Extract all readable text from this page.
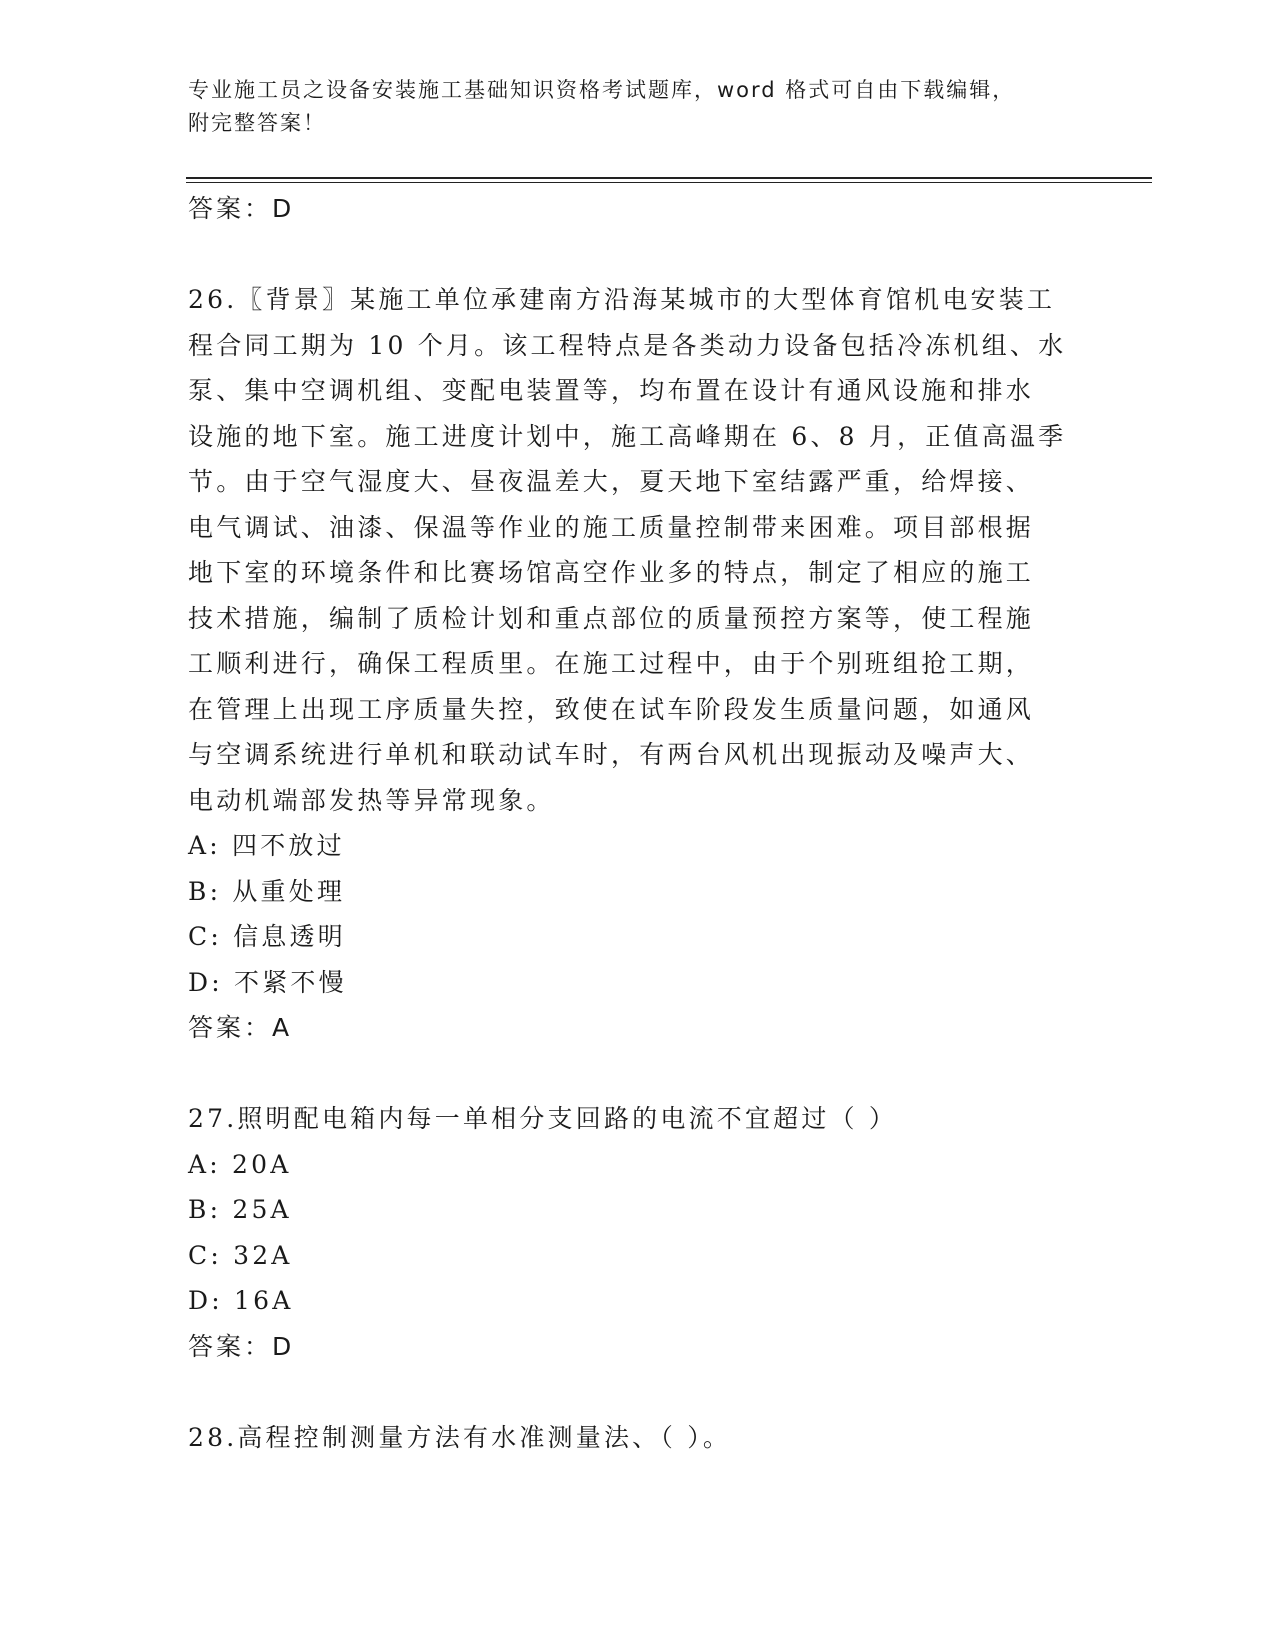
专业施工员之设备安装施工基础知识资格考试题库，word 格式可自由下载编辑，
附完整答案！

答案：D

26.〖背景〗某施工单位承建南方沿海某城市的大型体育馆机电安装工

程合同工期为 10 个月。该工程特点是各类动力设备包括冷冻机组、水

泵、集中空调机组、变配电装置等，均布置在设计有通风设施和排水

设施的地下室。施工进度计划中，施工高峰期在 6、8 月，正值高温季

节。由于空气湿度大、昼夜温差大，夏天地下室结露严重，给焊接、

电气调试、油漆、保温等作业的施工质量控制带来困难。项目部根据

地下室的环境条件和比赛场馆高空作业多的特点，制定了相应的施工

技术措施，编制了质检计划和重点部位的质量预控方案等，使工程施

工顺利进行，确保工程质里。在施工过程中，由于个别班组抢工期，

在管理上出现工序质量失控，致使在试车阶段发生质量问题，如通风

与空调系统进行单机和联动试车时，有两台风机出现振动及噪声大、

电动机端部发热等异常现象。

A: 四不放过

B: 从重处理

C: 信息透明

D: 不紧不慢

答案：A

27.照明配电箱内每一单相分支回路的电流不宜超过（ ）

A: 20A

B: 25A

C: 32A

D: 16A

答案：D

28.高程控制测量方法有水准测量法、（ ）。
